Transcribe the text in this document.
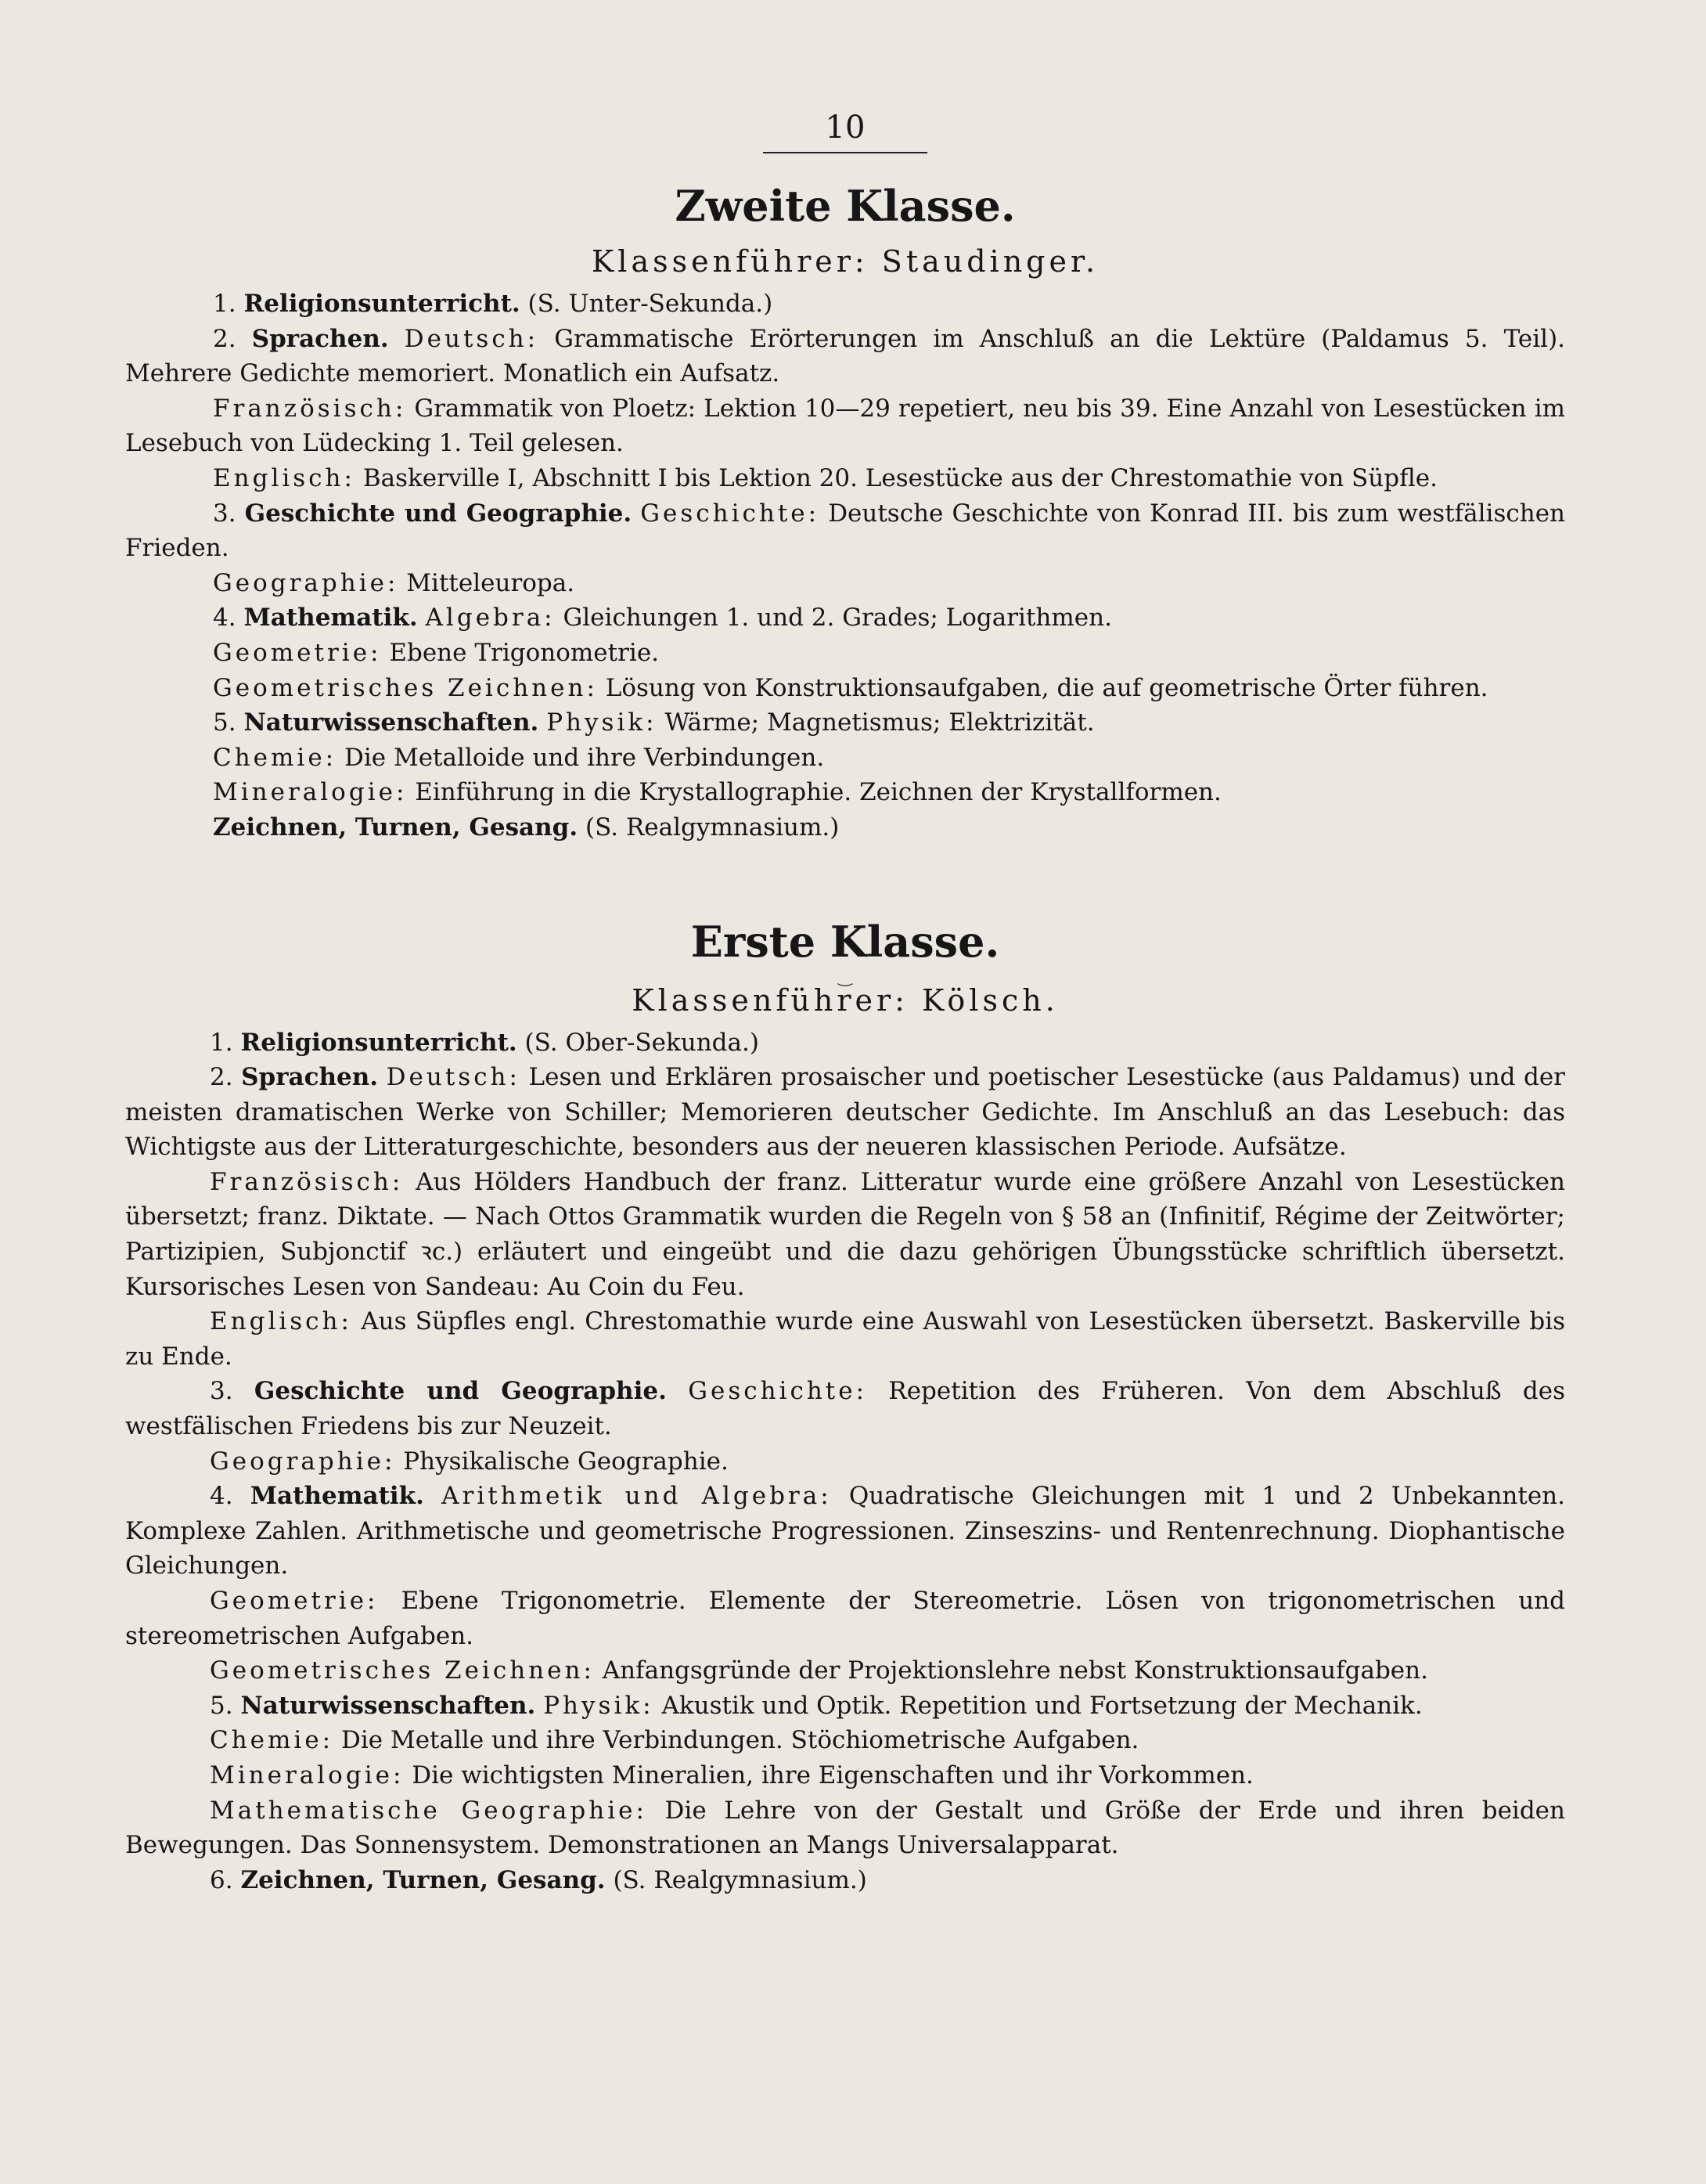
10
Zweite Klasse.
Klassenführer: Staudinger.

1. Religionsunterricht. (S. Unter-Sekunda.)

2. Sprachen. Deutsch: Grammatische Erörterungen im Anschluß an die Lektüre (Paldamus 5. Teil). Mehrere Gedichte memoriert. Monatlich ein Aufsatz.

Französisch: Grammatik von Ploetz: Lektion 10—29 repetiert, neu bis 39. Eine Anzahl von Lesestücken im Lesebuch von Lüdecking 1. Teil gelesen.

Englisch: Baskerville I, Abschnitt I bis Lektion 20. Lesestücke aus der Chrestomathie von Süpfle.

3. Geschichte und Geographie. Geschichte: Deutsche Geschichte von Konrad III. bis zum westfälischen Frieden.

Geographie: Mitteleuropa.

4. Mathematik. Algebra: Gleichungen 1. und 2. Grades; Logarithmen.

Geometrie: Ebene Trigonometrie.

Geometrisches Zeichnen: Lösung von Konstruktionsaufgaben, die auf geometrische Örter führen.

5. Naturwissenschaften. Physik: Wärme; Magnetismus; Elektrizität.

Chemie: Die Metalloide und ihre Verbindungen.

Mineralogie: Einführung in die Krystallographie. Zeichnen der Krystallformen.

Zeichnen, Turnen, Gesang. (S. Realgymnasium.)

Erste Klasse.
‿
Klassenführer: Kölsch.

1. Religionsunterricht. (S. Ober-Sekunda.)

2. Sprachen. Deutsch: Lesen und Erklären prosaischer und poetischer Lesestücke (aus Paldamus) und der meisten dramatischen Werke von Schiller; Memorieren deutscher Gedichte. Im Anschluß an das Lesebuch: das Wichtigste aus der Litteraturgeschichte, besonders aus der neueren klassischen Periode. Aufsätze.

Französisch: Aus Hölders Handbuch der franz. Litteratur wurde eine größere Anzahl von Lesestücken übersetzt; franz. Diktate. — Nach Ottos Grammatik wurden die Regeln von § 58 an (Infinitif, Régime der Zeitwörter; Partizipien, Subjonctif ꝛc.) erläutert und eingeübt und die dazu gehörigen Übungsstücke schriftlich übersetzt. Kursorisches Lesen von Sandeau: Au Coin du Feu.

Englisch: Aus Süpfles engl. Chrestomathie wurde eine Auswahl von Lesestücken übersetzt. Baskerville bis zu Ende.

3. Geschichte und Geographie. Geschichte: Repetition des Früheren. Von dem Abschluß des westfälischen Friedens bis zur Neuzeit.

Geographie: Physikalische Geographie.

4. Mathematik. Arithmetik und Algebra: Quadratische Gleichungen mit 1 und 2 Unbekannten. Komplexe Zahlen. Arithmetische und geometrische Progressionen. Zinseszins- und Rentenrechnung. Diophantische Gleichungen.

Geometrie: Ebene Trigonometrie. Elemente der Stereometrie. Lösen von trigonometrischen und stereometrischen Aufgaben.

Geometrisches Zeichnen: Anfangsgründe der Projektionslehre nebst Konstruktionsaufgaben.

5. Naturwissenschaften. Physik: Akustik und Optik. Repetition und Fortsetzung der Mechanik.

Chemie: Die Metalle und ihre Verbindungen. Stöchiometrische Aufgaben.

Mineralogie: Die wichtigsten Mineralien, ihre Eigenschaften und ihr Vorkommen.

Mathematische Geographie: Die Lehre von der Gestalt und Größe der Erde und ihren beiden Bewegungen. Das Sonnensystem. Demonstrationen an Mangs Universalapparat.

6. Zeichnen, Turnen, Gesang. (S. Realgymnasium.)
